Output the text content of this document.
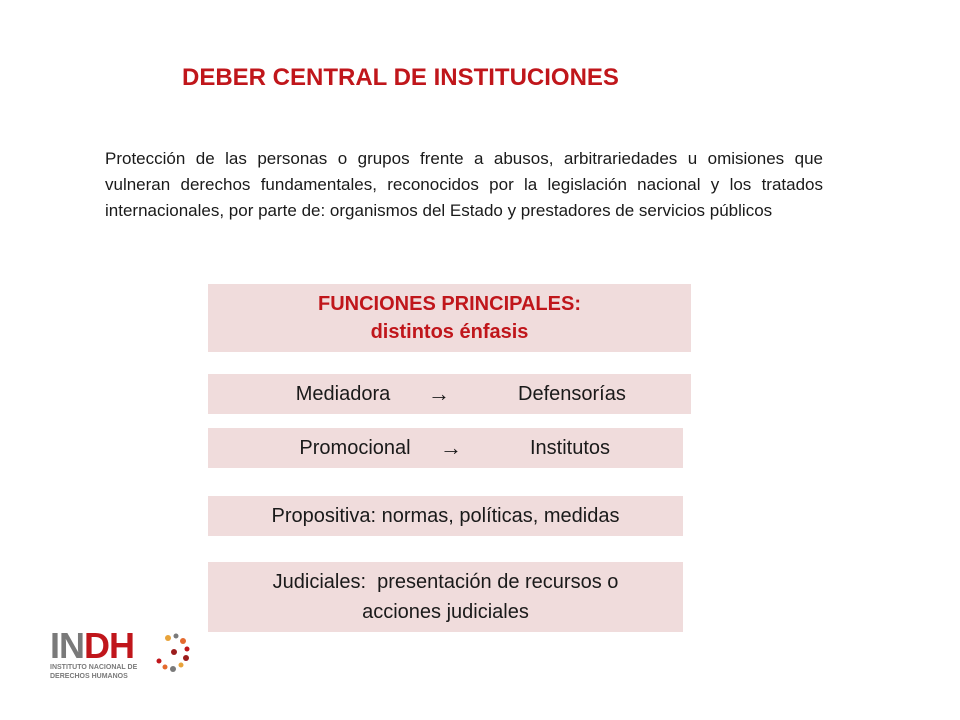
DEBER CENTRAL DE INSTITUCIONES
Protección de las personas o grupos frente a abusos, arbitrariedades u omisiones que vulneran derechos fundamentales, reconocidos por la legislación nacional y los tratados internacionales, por parte de: organismos del Estado y prestadores de servicios públicos
FUNCIONES PRINCIPALES:
distintos énfasis
Mediadora	→	Defensorías
Promocional	→	Institutos
Propositiva: normas, políticas, medidas
Judiciales:  presentación de recursos o
acciones judiciales
INDH
INSTITUTO NACIONAL DE
DERECHOS HUMANOS
